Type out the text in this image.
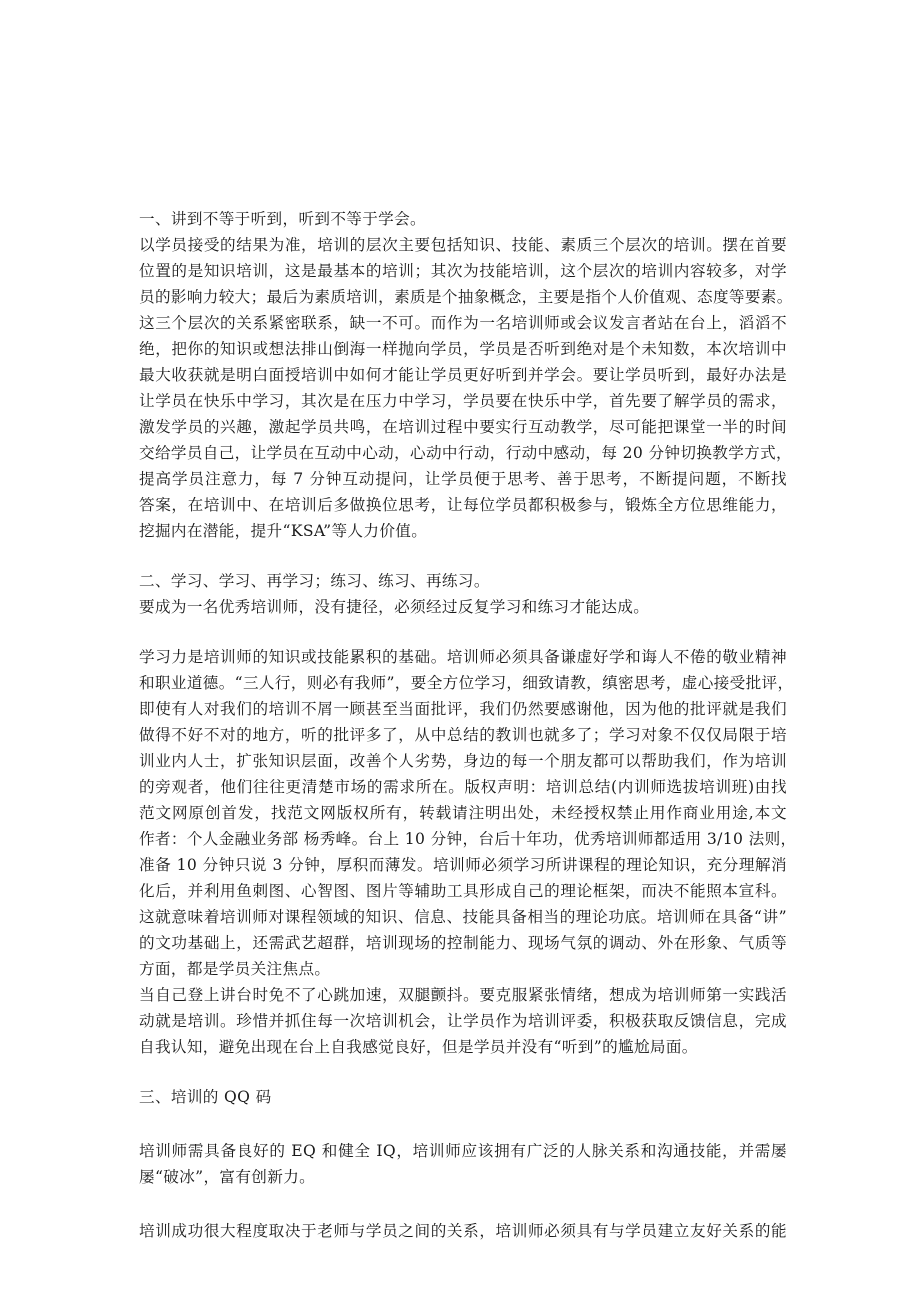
一、讲到不等于听到，听到不等于学会。
以学员接受的结果为准，培训的层次主要包括知识、技能、素质三个层次的培训。摆在首要
位置的是知识培训，这是最基本的培训；其次为技能培训，这个层次的培训内容较多，对学
员的影响力较大；最后为素质培训，素质是个抽象概念，主要是指个人价值观、态度等要素。
这三个层次的关系紧密联系，缺一不可。而作为一名培训师或会议发言者站在台上，滔滔不
绝，把你的知识或想法排山倒海一样抛向学员，学员是否听到绝对是个未知数，本次培训中
最大收获就是明白面授培训中如何才能让学员更好听到并学会。要让学员听到，最好办法是
让学员在快乐中学习，其次是在压力中学习，学员要在快乐中学，首先要了解学员的需求，
激发学员的兴趣，激起学员共鸣，在培训过程中要实行互动教学，尽可能把课堂一半的时间
交给学员自己，让学员在互动中心动，心动中行动，行动中感动，每 20 分钟切换教学方式，
提高学员注意力，每 7 分钟互动提问，让学员便于思考、善于思考，不断提问题，不断找
答案，在培训中、在培训后多做换位思考，让每位学员都积极参与，锻炼全方位思维能力，
挖掘内在潜能，提升“KSA”等人力价值。
二、学习、学习、再学习；练习、练习、再练习。
要成为一名优秀培训师，没有捷径，必须经过反复学习和练习才能达成。
学习力是培训师的知识或技能累积的基础。培训师必须具备谦虚好学和诲人不倦的敬业精神
和职业道德。“三人行，则必有我师”，要全方位学习，细致请教，缜密思考，虚心接受批评，
即使有人对我们的培训不屑一顾甚至当面批评，我们仍然要感谢他，因为他的批评就是我们
做得不好不对的地方，听的批评多了，从中总结的教训也就多了；学习对象不仅仅局限于培
训业内人士，扩张知识层面，改善个人劣势，身边的每一个朋友都可以帮助我们，作为培训
的旁观者，他们往往更清楚市场的需求所在。版权声明：培训总结(内训师选拔培训班)由找
范文网原创首发，找范文网版权所有，转载请注明出处，未经授权禁止用作商业用途,本文
作者：个人金融业务部 杨秀峰。台上 10 分钟，台后十年功，优秀培训师都适用 3/10 法则，
准备 10 分钟只说 3 分钟，厚积而薄发。培训师必须学习所讲课程的理论知识，充分理解消
化后，并利用鱼刺图、心智图、图片等辅助工具形成自己的理论框架，而决不能照本宣科。
这就意味着培训师对课程领域的知识、信息、技能具备相当的理论功底。培训师在具备“讲”
的文功基础上，还需武艺超群，培训现场的控制能力、现场气氛的调动、外在形象、气质等
方面，都是学员关注焦点。
当自己登上讲台时免不了心跳加速，双腿颤抖。要克服紧张情绪，想成为培训师第一实践活
动就是培训。珍惜并抓住每一次培训机会，让学员作为培训评委，积极获取反馈信息，完成
自我认知，避免出现在台上自我感觉良好，但是学员并没有“听到”的尴尬局面。
三、培训的 QQ 码
培训师需具备良好的 EQ 和健全 IQ，培训师应该拥有广泛的人脉关系和沟通技能，并需屡
屡“破冰”，富有创新力。
培训成功很大程度取决于老师与学员之间的关系，培训师必须具有与学员建立友好关系的能
